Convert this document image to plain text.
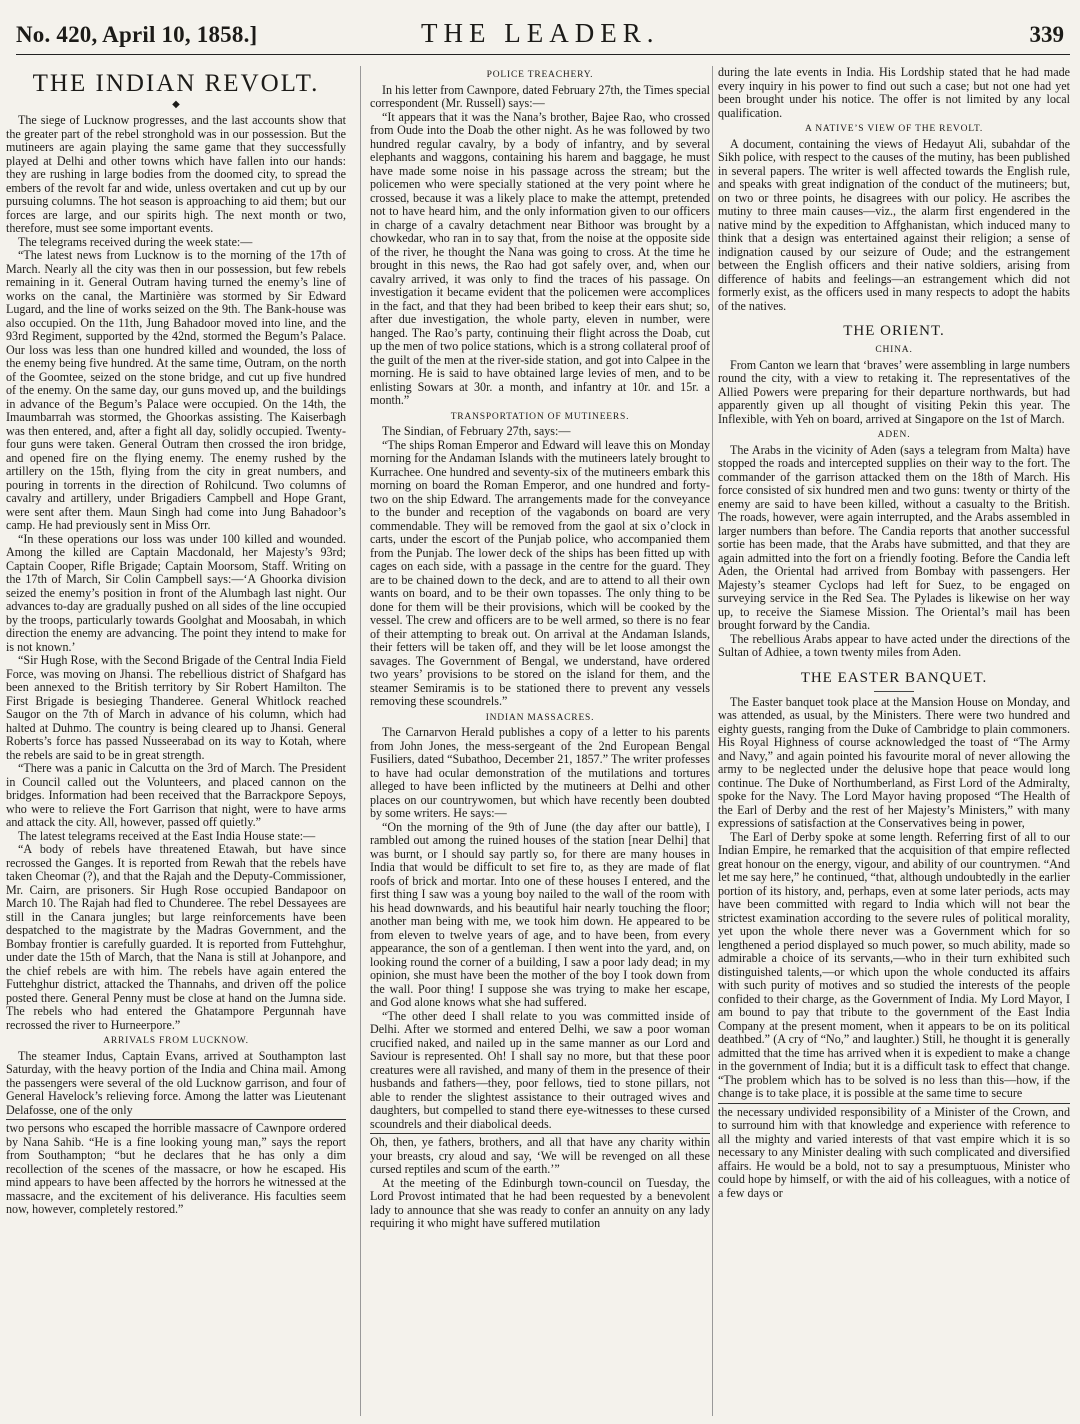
No. 420, April 10, 1858.]	THE LEADER.	339
THE INDIAN REVOLT.
◆

The siege of Lucknow progresses, and the last accounts show that the greater part of the rebel stronghold was in our possession. But the mutineers are again playing the same game that they successfully played at Delhi and other towns which have fallen into our hands: they are rushing in large bodies from the doomed city, to spread the embers of the revolt far and wide, unless overtaken and cut up by our pursuing columns. The hot season is approaching to aid them; but our forces are large, and our spirits high. The next month or two, therefore, must see some important events.

The telegrams received during the week state:—

“The latest news from Lucknow is to the morning of the 17th of March. Nearly all the city was then in our possession, but few rebels remaining in it. General Outram having turned the enemy’s line of works on the canal, the Martinière was stormed by Sir Edward Lugard, and the line of works seized on the 9th. The Bank-house was also occupied. On the 11th, Jung Bahadoor moved into line, and the 93rd Regiment, supported by the 42nd, stormed the Begum’s Palace. Our loss was less than one hundred killed and wounded, the loss of the enemy being five hundred. At the same time, Outram, on the north of the Goomtee, seized on the stone bridge, and cut up five hundred of the enemy. On the same day, our guns moved up, and the buildings in advance of the Begum’s Palace were occupied. On the 14th, the Imaumbarrah was stormed, the Ghoorkas assisting. The Kaiserbagh was then entered, and, after a fight all day, solidly occupied. Twenty-four guns were taken. General Outram then crossed the iron bridge, and opened fire on the flying enemy. The enemy rushed by the artillery on the 15th, flying from the city in great numbers, and pouring in torrents in the direction of Rohilcund. Two columns of cavalry and artillery, under Brigadiers Campbell and Hope Grant, were sent after them. Maun Singh had come into Jung Bahadoor’s camp. He had previously sent in Miss Orr.

“In these operations our loss was under 100 killed and wounded. Among the killed are Captain Macdonald, her Majesty’s 93rd; Captain Cooper, Rifle Brigade; Captain Moorsom, Staff. Writing on the 17th of March, Sir Colin Campbell says:—‘A Ghoorka division seized the enemy’s position in front of the Alumbagh last night. Our advances to-day are gradually pushed on all sides of the line occupied by the troops, particularly towards Goolghat and Moosabah, in which direction the enemy are advancing. The point they intend to make for is not known.’

“Sir Hugh Rose, with the Second Brigade of the Central India Field Force, was moving on Jhansi. The rebellious district of Shafgard has been annexed to the British territory by Sir Robert Hamilton. The First Brigade is besieging Thanderee. General Whitlock reached Saugor on the 7th of March in advance of his column, which had halted at Duhmo. The country is being cleared up to Jhansi. General Roberts’s force has passed Nusseerabad on its way to Kotah, where the rebels are said to be in great strength.

“There was a panic in Calcutta on the 3rd of March. The President in Council called out the Volunteers, and placed cannon on the bridges. Information had been received that the Barrackpore Sepoys, who were to relieve the Fort Garrison that night, were to have arms and attack the city. All, however, passed off quietly.”

The latest telegrams received at the East India House state:—

“A body of rebels have threatened Etawah, but have since recrossed the Ganges. It is reported from Rewah that the rebels have taken Cheomar (?), and that the Rajah and the Deputy-Commissioner, Mr. Cairn, are prisoners. Sir Hugh Rose occupied Bandapoor on March 10. The Rajah had fled to Chunderee. The rebel Dessayees are still in the Canara jungles; but large reinforcements have been despatched to the magistrate by the Madras Government, and the Bombay frontier is carefully guarded. It is reported from Futtehghur, under date the 15th of March, that the Nana is still at Johanpore, and the chief rebels are with him. The rebels have again entered the Futtehghur district, attacked the Thannahs, and driven off the police posted there. General Penny must be close at hand on the Jumna side. The rebels who had entered the Ghatampore Pergunnah have recrossed the river to Hurneerpore.”

ARRIVALS FROM LUCKNOW.

The steamer Indus, Captain Evans, arrived at Southampton last Saturday, with the heavy portion of the India and China mail. Among the passengers were several of the old Lucknow garrison, and four of General Havelock’s relieving force. Among the latter was Lieutenant Delafosse, one of the only

two persons who escaped the horrible massacre of Cawnpore ordered by Nana Sahib. “He is a fine looking young man,” says the report from Southampton; “but he declares that he has only a dim recollection of the scenes of the massacre, or how he escaped. His mind appears to have been affected by the horrors he witnessed at the massacre, and the excitement of his deliverance. His faculties seem now, however, completely restored.”

POLICE TREACHERY.

In his letter from Cawnpore, dated February 27th, the Times special correspondent (Mr. Russell) says:—

“It appears that it was the Nana’s brother, Bajee Rao, who crossed from Oude into the Doab the other night. As he was followed by two hundred regular cavalry, by a body of infantry, and by several elephants and waggons, containing his harem and baggage, he must have made some noise in his passage across the stream; but the policemen who were specially stationed at the very point where he crossed, because it was a likely place to make the attempt, pretended not to have heard him, and the only information given to our officers in charge of a cavalry detachment near Bithoor was brought by a chowkedar, who ran in to say that, from the noise at the opposite side of the river, he thought the Nana was going to cross. At the time he brought in this news, the Rao had got safely over, and, when our cavalry arrived, it was only to find the traces of his passage. On investigation it became evident that the policemen were accomplices in the fact, and that they had been bribed to keep their ears shut; so, after due investigation, the whole party, eleven in number, were hanged. The Rao’s party, continuing their flight across the Doab, cut up the men of two police stations, which is a strong collateral proof of the guilt of the men at the river-side station, and got into Calpee in the morning. He is said to have obtained large levies of men, and to be enlisting Sowars at 30r. a month, and infantry at 10r. and 15r. a month.”

TRANSPORTATION OF MUTINEERS.

The Sindian, of February 27th, says:—

“The ships Roman Emperor and Edward will leave this on Monday morning for the Andaman Islands with the mutineers lately brought to Kurrachee. One hundred and seventy-six of the mutineers embark this morning on board the Roman Emperor, and one hundred and forty-two on the ship Edward. The arrangements made for the conveyance to the bunder and reception of the vagabonds on board are very commendable. They will be removed from the gaol at six o’clock in carts, under the escort of the Punjab police, who accompanied them from the Punjab. The lower deck of the ships has been fitted up with cages on each side, with a passage in the centre for the guard. They are to be chained down to the deck, and are to attend to all their own wants on board, and to be their own topasses. The only thing to be done for them will be their provisions, which will be cooked by the vessel. The crew and officers are to be well armed, so there is no fear of their attempting to break out. On arrival at the Andaman Islands, their fetters will be taken off, and they will be let loose amongst the savages. The Government of Bengal, we understand, have ordered two years’ provisions to be stored on the island for them, and the steamer Semiramis is to be stationed there to prevent any vessels removing these scoundrels.”

INDIAN MASSACRES.

The Carnarvon Herald publishes a copy of a letter to his parents from John Jones, the mess-sergeant of the 2nd European Bengal Fusiliers, dated “Subathoo, December 21, 1857.” The writer professes to have had ocular demonstration of the mutilations and tortures alleged to have been inflicted by the mutineers at Delhi and other places on our countrywomen, but which have recently been doubted by some writers. He says:—

“On the morning of the 9th of June (the day after our battle), I rambled out among the ruined houses of the station [near Delhi] that was burnt, or I should say partly so, for there are many houses in India that would be difficult to set fire to, as they are made of flat roofs of brick and mortar. Into one of these houses I entered, and the first thing I saw was a young boy nailed to the wall of the room with his head downwards, and his beautiful hair nearly touching the floor; another man being with me, we took him down. He appeared to be from eleven to twelve years of age, and to have been, from every appearance, the son of a gentleman. I then went into the yard, and, on looking round the corner of a building, I saw a poor lady dead; in my opinion, she must have been the mother of the boy I took down from the wall. Poor thing! I suppose she was trying to make her escape, and God alone knows what she had suffered.

“The other deed I shall relate to you was committed inside of Delhi. After we stormed and entered Delhi, we saw a poor woman crucified naked, and nailed up in the same manner as our Lord and Saviour is represented. Oh! I shall say no more, but that these poor creatures were all ravished, and many of them in the presence of their husbands and fathers—they, poor fellows, tied to stone pillars, not able to render the slightest assistance to their outraged wives and daughters, but compelled to stand there eye-witnesses to these cursed scoundrels and their diabolical deeds.

Oh, then, ye fathers, brothers, and all that have any charity within your breasts, cry aloud and say, ‘We will be revenged on all these cursed reptiles and scum of the earth.’”

At the meeting of the Edinburgh town-council on Tuesday, the Lord Provost intimated that he had been requested by a benevolent lady to announce that she was ready to confer an annuity on any lady requiring it who might have suffered mutilation

during the late events in India. His Lordship stated that he had made every inquiry in his power to find out such a case; but not one had yet been brought under his notice. The offer is not limited by any local qualification.

A NATIVE’S VIEW OF THE REVOLT.

A document, containing the views of Hedayut Ali, subahdar of the Sikh police, with respect to the causes of the mutiny, has been published in several papers. The writer is well affected towards the English rule, and speaks with great indignation of the conduct of the mutineers; but, on two or three points, he disagrees with our policy. He ascribes the mutiny to three main causes—viz., the alarm first engendered in the native mind by the expedition to Affghanistan, which induced many to think that a design was entertained against their religion; a sense of indignation caused by our seizure of Oude; and the estrangement between the English officers and their native soldiers, arising from difference of habits and feelings—an estrangement which did not formerly exist, as the officers used in many respects to adopt the habits of the natives.

THE ORIENT.
CHINA.

From Canton we learn that ‘braves’ were assembling in large numbers round the city, with a view to retaking it. The representatives of the Allied Powers were preparing for their departure northwards, but had apparently given up all thought of visiting Pekin this year. The Inflexible, with Yeh on board, arrived at Singapore on the 1st of March.

ADEN.

The Arabs in the vicinity of Aden (says a telegram from Malta) have stopped the roads and intercepted supplies on their way to the fort. The commander of the garrison attacked them on the 18th of March. His force consisted of six hundred men and two guns: twenty or thirty of the enemy are said to have been killed, without a casualty to the British. The roads, however, were again interrupted, and the Arabs assembled in larger numbers than before. The Candia reports that another successful sortie has been made, that the Arabs have submitted, and that they are again admitted into the fort on a friendly footing. Before the Candia left Aden, the Oriental had arrived from Bombay with passengers. Her Majesty’s steamer Cyclops had left for Suez, to be engaged on surveying service in the Red Sea. The Pylades is likewise on her way up, to receive the Siamese Mission. The Oriental’s mail has been brought forward by the Candia.

The rebellious Arabs appear to have acted under the directions of the Sultan of Adhiee, a town twenty miles from Aden.

THE EASTER BANQUET.

The Easter banquet took place at the Mansion House on Monday, and was attended, as usual, by the Ministers. There were two hundred and eighty guests, ranging from the Duke of Cambridge to plain commoners. His Royal Highness of course acknowledged the toast of “The Army and Navy,” and again pointed his favourite moral of never allowing the army to be neglected under the delusive hope that peace would long continue. The Duke of Northumberland, as First Lord of the Admiralty, spoke for the Navy. The Lord Mayor having proposed “The Health of the Earl of Derby and the rest of her Majesty’s Ministers,” with many expressions of satisfaction at the Conservatives being in power,

The Earl of Derby spoke at some length. Referring first of all to our Indian Empire, he remarked that the acquisition of that empire reflected great honour on the energy, vigour, and ability of our countrymen. “And let me say here,” he continued, “that, although undoubtedly in the earlier portion of its history, and, perhaps, even at some later periods, acts may have been committed with regard to India which will not bear the strictest examination according to the severe rules of political morality, yet upon the whole there never was a Government which for so lengthened a period displayed so much power, so much ability, made so admirable a choice of its servants,—who in their turn exhibited such distinguished talents,—or which upon the whole conducted its affairs with such purity of motives and so studied the interests of the people confided to their charge, as the Government of India. My Lord Mayor, I am bound to pay that tribute to the government of the East India Company at the present moment, when it appears to be on its political deathbed.” (A cry of “No,” and laughter.) Still, he thought it is generally admitted that the time has arrived when it is expedient to make a change in the government of India; but it is a difficult task to effect that change. “The problem which has to be solved is no less than this—how, if the change is to take place, it is possible at the same time to secure

the necessary undivided responsibility of a Minister of the Crown, and to surround him with that knowledge and experience with reference to all the mighty and varied interests of that vast empire which it is so necessary to any Minister dealing with such complicated and diversified affairs. He would be a bold, not to say a presumptuous, Minister who could hope by himself, or with the aid of his colleagues, with a notice of a few days or
